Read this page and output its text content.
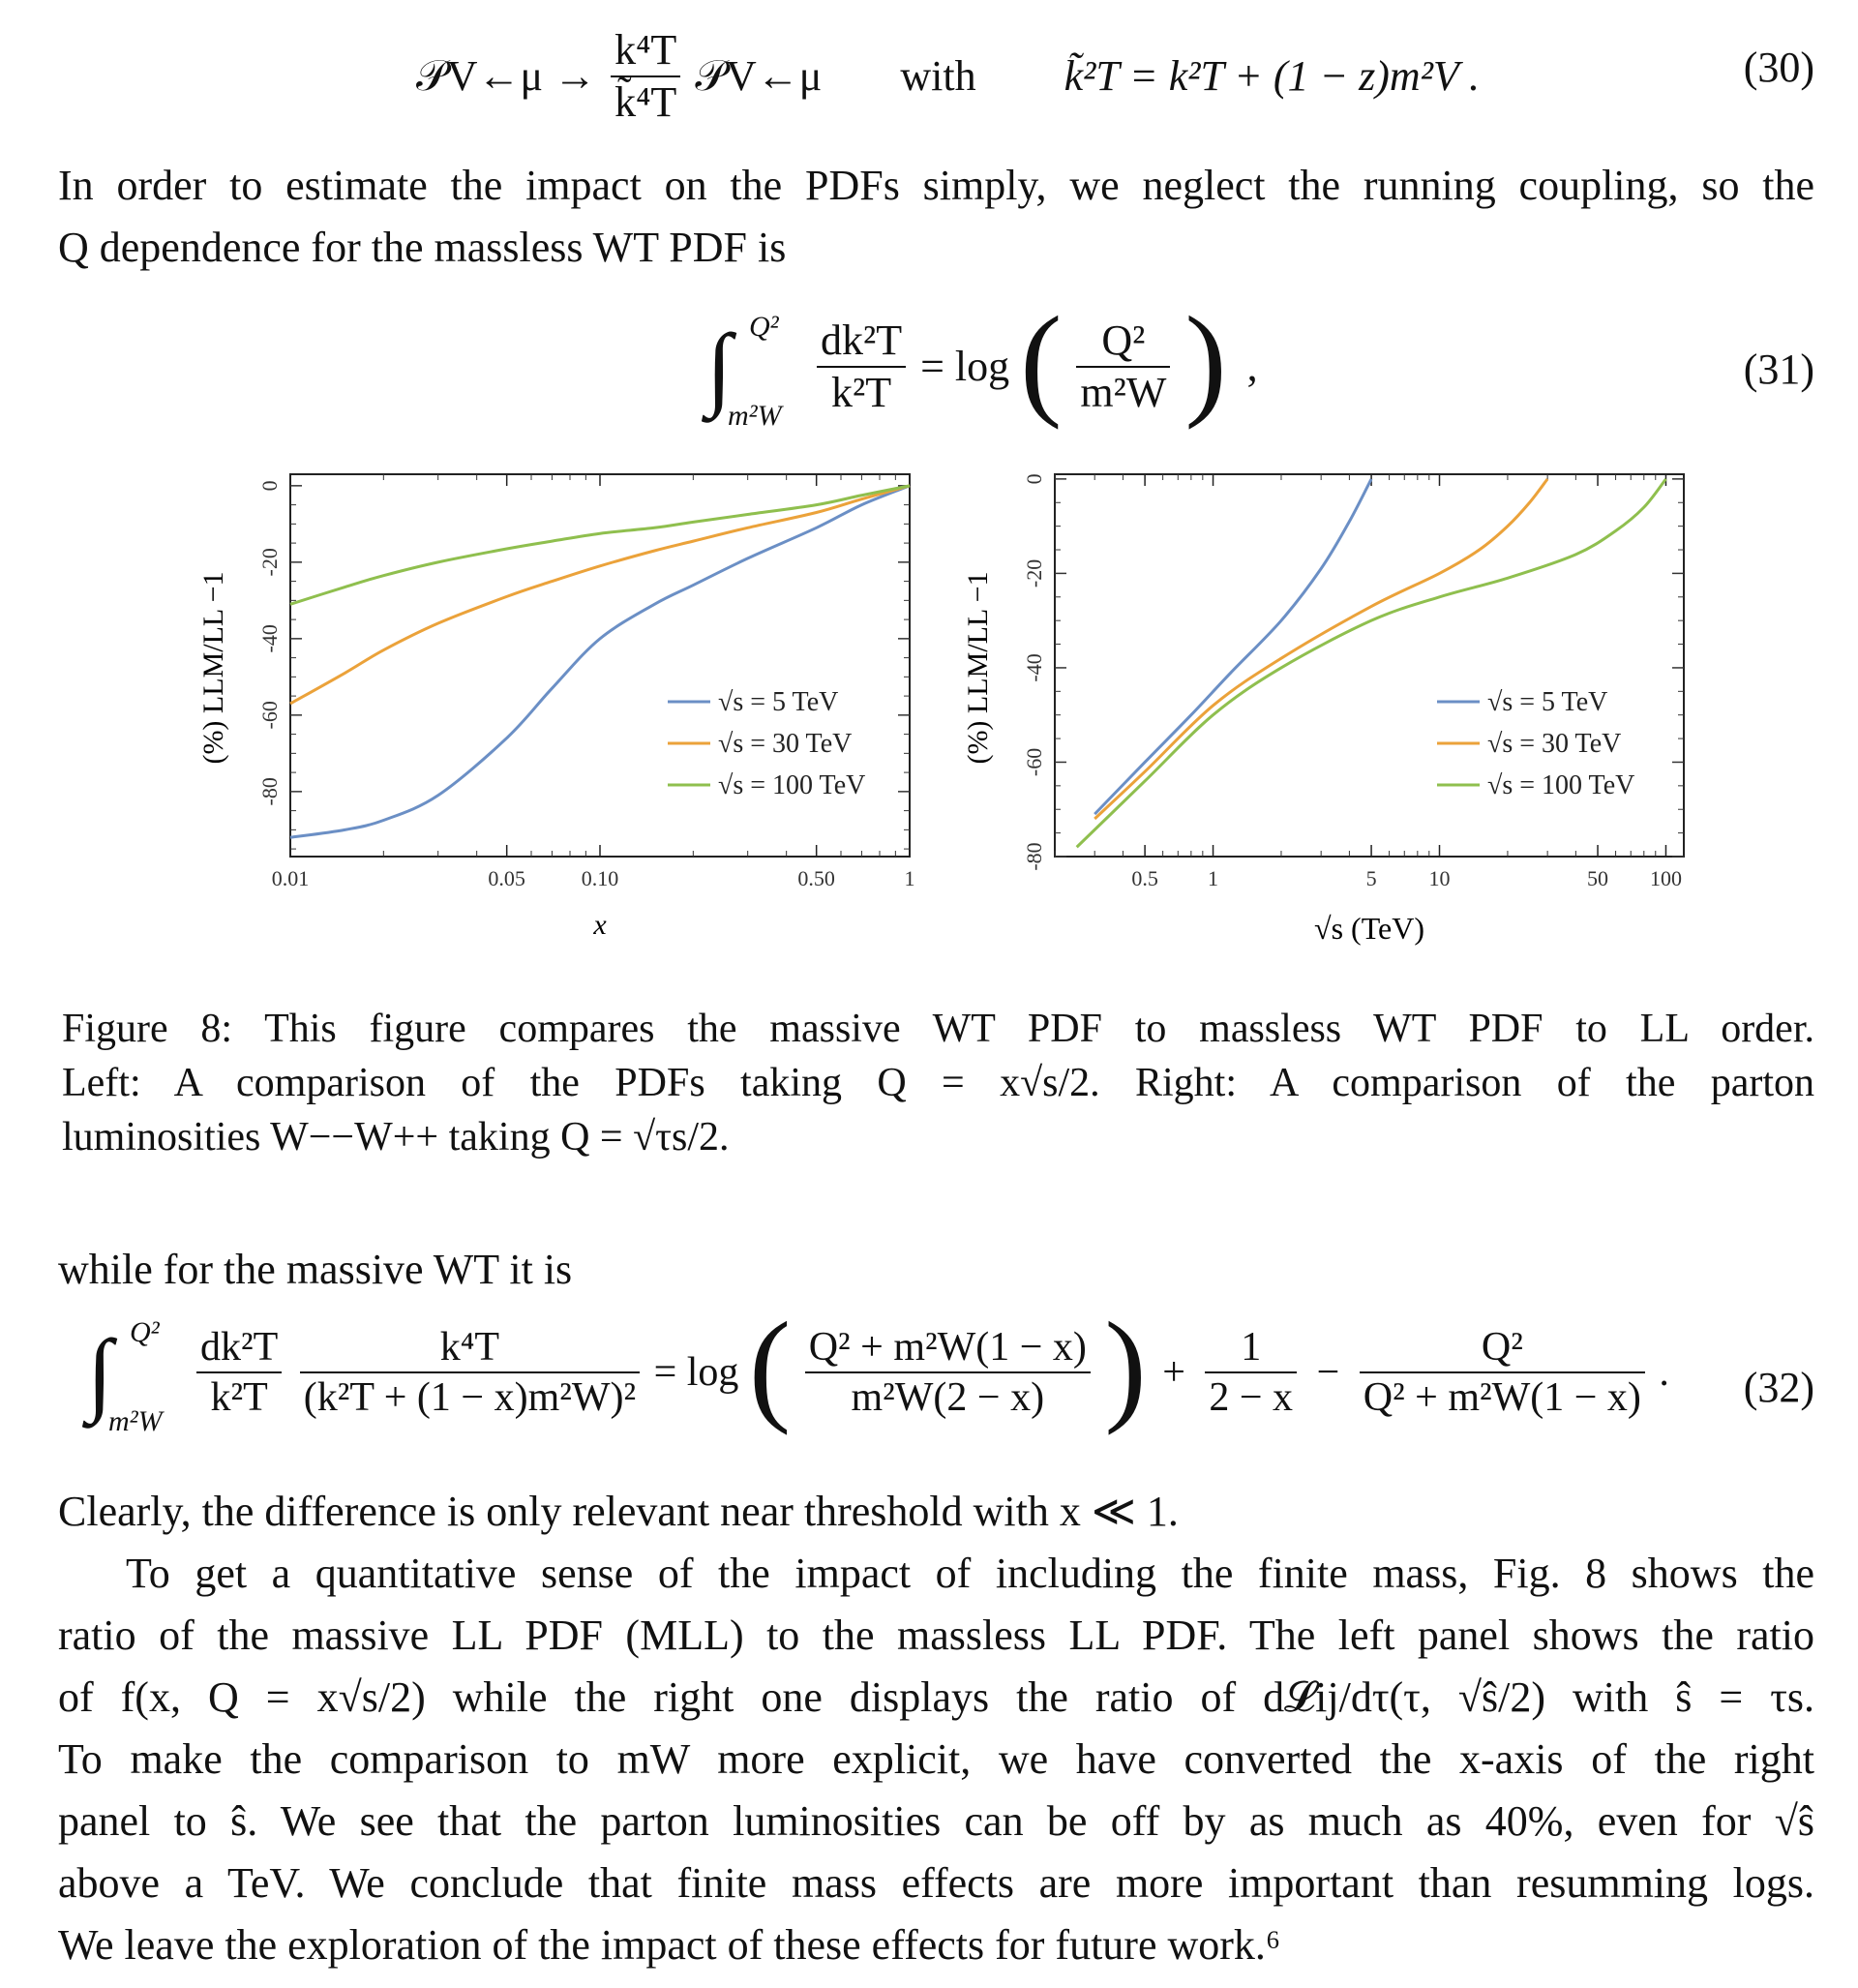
𝒫V←μ → $\frac{\text{k⁴T}}{\text{k̃⁴T}}$ 𝒫V←μ with k̃²T = k²T + (1 − z)m²V .	(30)
In order to estimate the impact on the PDFs simply, we neglect the running coupling, so the
Q dependence for the massless WT PDF is
∫ Q²
m²W

$\frac{\text{dk²T}}{\text{k²T}} = \log$ ( $\frac{\text{Q²}}{\text{m²W}}$ ) ,	(31)
0.01	0.05	0.10	0.50	1
0
-20
-40
-60
-80
(%) LLM/LL −1
x
√s = 5 TeV
√s = 30 TeV
√s = 100 TeV
0.5 1	5 10	50 100
0
-20
-40
-60
-80
(%) LLM/LL −1
√s (TeV)
√s = 5 TeV
√s = 30 TeV
√s = 100 TeV
Figure 8: This figure compares the massive WT PDF to massless WT PDF to LL order.
Left: A comparison of the PDFs taking Q = x√s/2. Right: A comparison of the parton
luminosities W−−W++ taking Q = √τs/2.
while for the massive WT it is
∫ Q²
m²W

$\frac{\text{dk²T}}{\text{k²T}}$
$\frac{\text{k⁴T}}{\text{(k²T + (1 − x)m²W)²}} = \log$ ( $\frac{\text{Q² + m²W(1 − x)}}{\text{m²W(2 − x)}}$ ) + $\frac{1}{2 - x} - \frac{\text{Q²}}{\text{Q² + m²W(1 − x)}}$ . (32)
Clearly, the difference is only relevant near threshold with x ≪ 1.
To get a quantitative sense of the impact of including the finite mass, Fig. 8 shows the
ratio of the massive LL PDF (MLL) to the massless LL PDF. The left panel shows the ratio
of f(x, Q = x√s/2) while the right one displays the ratio of d𝓛ij/dτ(τ, √ŝ/2) with ŝ = τs.
To make the comparison to mW more explicit, we have converted the x-axis of the right
panel to ŝ. We see that the parton luminosities can be off by as much as 40%, even for √ŝ
above a TeV. We conclude that finite mass effects are more important than resumming logs.
We leave the exploration of the impact of these effects for future work.⁶
